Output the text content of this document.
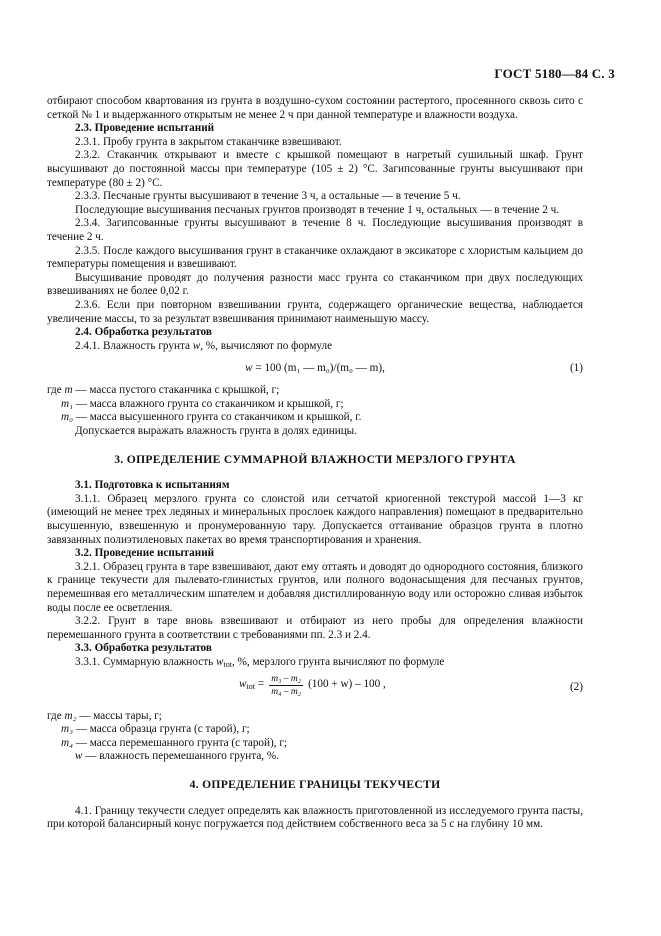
ГОСТ 5180—84 С. 3

отбирают способом квартования из грунта в воздушно-сухом состоянии растертого, просеянного сквозь сито с сеткой № 1 и выдержанного открытым не менее 2 ч при данной температуре и влажности воздуха.

2.3. Проведение испытаний

2.3.1. Пробу грунта в закрытом стаканчике взвешивают.

2.3.2. Стаканчик открывают и вместе с крышкой помещают в нагретый сушильный шкаф. Грунт высушивают до постоянной массы при температуре (105 ± 2) °С. Загипсованные грунты высушивают при температуре (80 ± 2) °С.

2.3.3. Песчаные грунты высушивают в течение 3 ч, а остальные — в течение 5 ч.

Последующие высушивания песчаных грунтов производят в течение 1 ч, остальных — в течение 2 ч.

2.3.4. Загипсованные грунты высушивают в течение 8 ч. Последующие высушивания производят в течение 2 ч.

2.3.5. После каждого высушивания грунт в стаканчике охлаждают в эксикаторе с хлористым кальцием до температуры помещения и взвешивают.

Высушивание проводят до получения разности масс грунта со стаканчиком при двух последующих взвешиваниях не более 0,02 г.

2.3.6. Если при повторном взвешивании грунта, содержащего органические вещества, наблюдается увеличение массы, то за результат взвешивания принимают наименьшую массу.

2.4. Обработка результатов

2.4.1. Влажность грунта w, %, вычисляют по формуле

w = 100 (m₁ — m₀)/(m₀ — m),	(1)

где m — масса пустого стаканчика с крышкой, г;

m₁ — масса влажного грунта со стаканчиком и крышкой, г;

m₀ — масса высушенного грунта со стаканчиком и крышкой, г.

Допускается выражать влажность грунта в долях единицы.

3. ОПРЕДЕЛЕНИЕ СУММАРНОЙ ВЛАЖНОСТИ МЕРЗЛОГО ГРУНТА

3.1. Подготовка к испытаниям

3.1.1. Образец мерзлого грунта со слоистой или сетчатой криогенной текстурой массой 1—3 кг (имеющий не менее трех ледяных и минеральных прослоек каждого направления) помещают в предварительно высушенную, взвешенную и пронумерованную тару. Допускается оттаивание образцов грунта в плотно завязанных полиэтиленовых пакетах во время транспортирования и хранения.

3.2. Проведение испытаний

3.2.1. Образец грунта в таре взвешивают, дают ему оттаять и доводят до однородного состояния, близкого к границе текучести для пылевато-глинистых грунтов, или полного водонасыщения для песчаных грунтов, перемешивая его металлическим шпателем и добавляя дистиллированную воду или осторожно сливая избыток воды после ее осветления.

3.2.2. Грунт в таре вновь взвешивают и отбирают из него пробы для определения влажности перемешанного грунта в соответствии с требованиями пп. 2.3 и 2.4.

3.3. Обработка результатов

3.3.1. Суммарную влажность $w_{tot}$, %, мерзлого грунта вычисляют по формуле

$w_{tot} = \frac{\text{m₃ – m₂}}{\text{m₄ – m₂}} (100 + w) - 100$ ,	(2)

где m₂ — массы тары, г;

m₃ — масса образца грунта (с тарой), г;

m₄ — масса перемешанного грунта (с тарой), г;

w — влажность перемешанного грунта, %.

4. ОПРЕДЕЛЕНИЕ ГРАНИЦЫ ТЕКУЧЕСТИ

4.1. Границу текучести следует определять как влажность приготовленной из исследуемого грунта пасты, при которой балансирный конус погружается под действием собственного веса за 5 с на глубину 10 мм.
